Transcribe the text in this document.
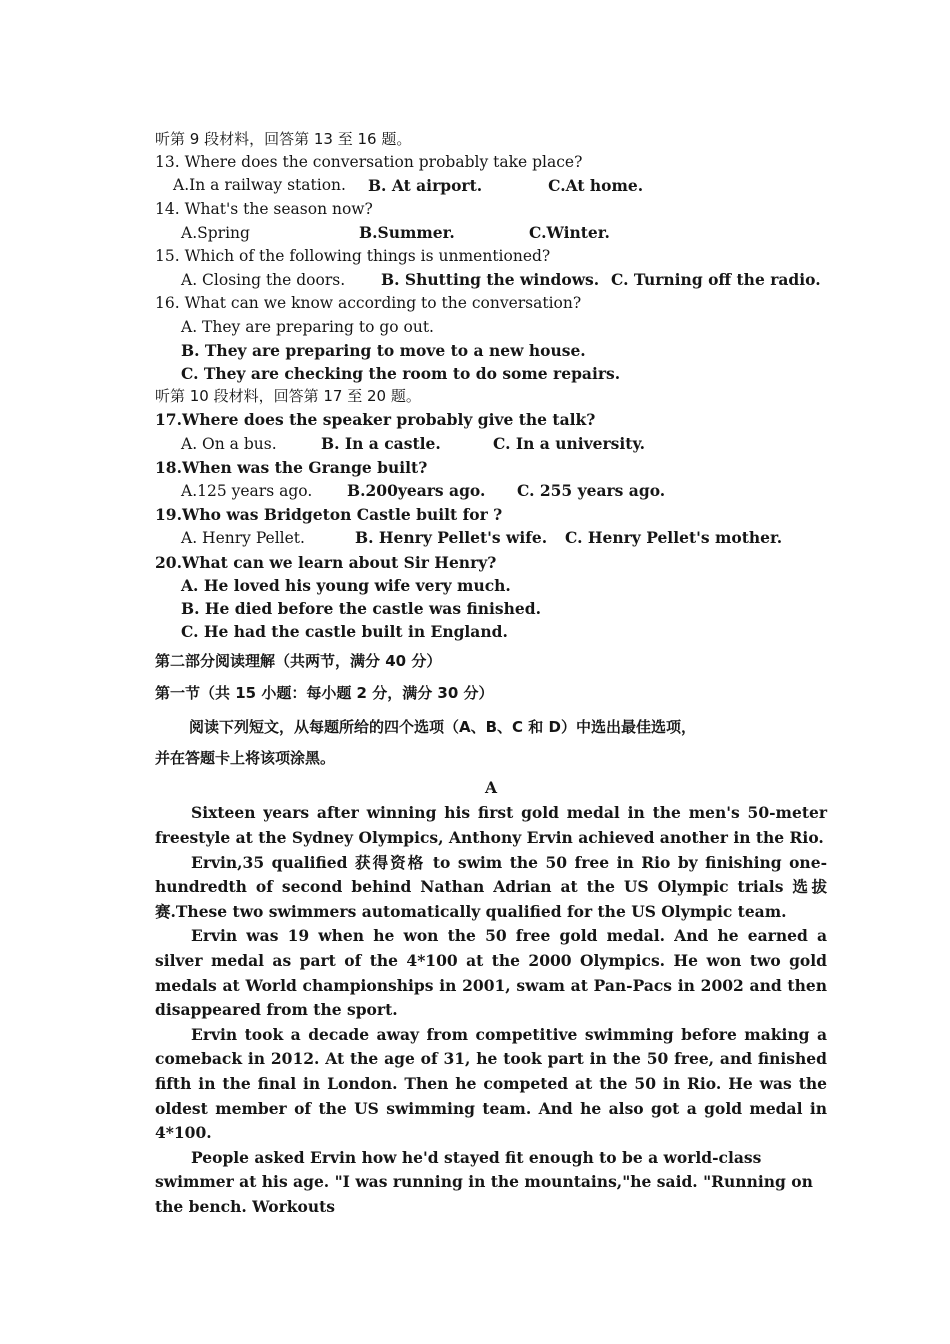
听第 9 段材料，回答第 13 至 16 题。
13. Where does the conversation probably take place?
A.In a railway station. B. At airport.	C.At home.
14. What's the season now?
A.Spring	B.Summer.	C.Winter.
15. Which of the following things is unmentioned?
A. Closing the doors. B. Shutting the windows. C. Turning off the radio.
16. What can we know according to the conversation?
A. They are preparing to go out.
B. They are preparing to move to a new house.
C. They are checking the room to do some repairs.
听第 10 段材料，回答第 17 至 20 题。
17.Where does the speaker probably give the talk?
A. On a bus.	B. In a castle.	C. In a university.
18.When was the Grange built?
A.125 years ago. B.200years ago. C. 255 years ago.
19.Who was Bridgeton Castle built for ?
A. Henry Pellet.	B. Henry Pellet's wife. C. Henry Pellet's mother.
20.What can we learn about Sir Henry?
A. He loved his young wife very much.
B. He died before the castle was finished.
C. He had the castle built in England.
第二部分阅读理解（共两节，满分 40 分）
第一节（共 15 小题：每小题 2 分，满分 30 分）
阅读下列短文，从每题所给的四个选项（A、B、C 和 D）中选出最佳选项，
并在答题卡上将该项涂黑。
A
Sixteen years after winning his first gold medal in the men's 50-meter freestyle at the Sydney Olympics, Anthony Ervin achieved another in the Rio.
Ervin,35 qualified 获得资格 to swim the 50 free in Rio by finishing one-hundredth of second behind Nathan Adrian at the US Olympic trials 选拔赛.These two swimmers automatically qualified for the US Olympic team.
Ervin was 19 when he won the 50 free gold medal. And he earned a silver medal as part of the 4*100 at the 2000 Olympics. He won two gold medals at World championships in 2001, swam at Pan-Pacs in 2002 and then disappeared from the sport.
Ervin took a decade away from competitive swimming before making a comeback in 2012. At the age of 31, he took part in the 50 free, and finished fifth in the final in London. Then he competed at the 50 in Rio. He was the oldest member of the US swimming team. And he also got a gold medal in 4*100.
People asked Ervin how he'd stayed fit enough to be a world-class swimmer at his age. "I was running in the mountains,"he said. "Running on the bench. Workouts
